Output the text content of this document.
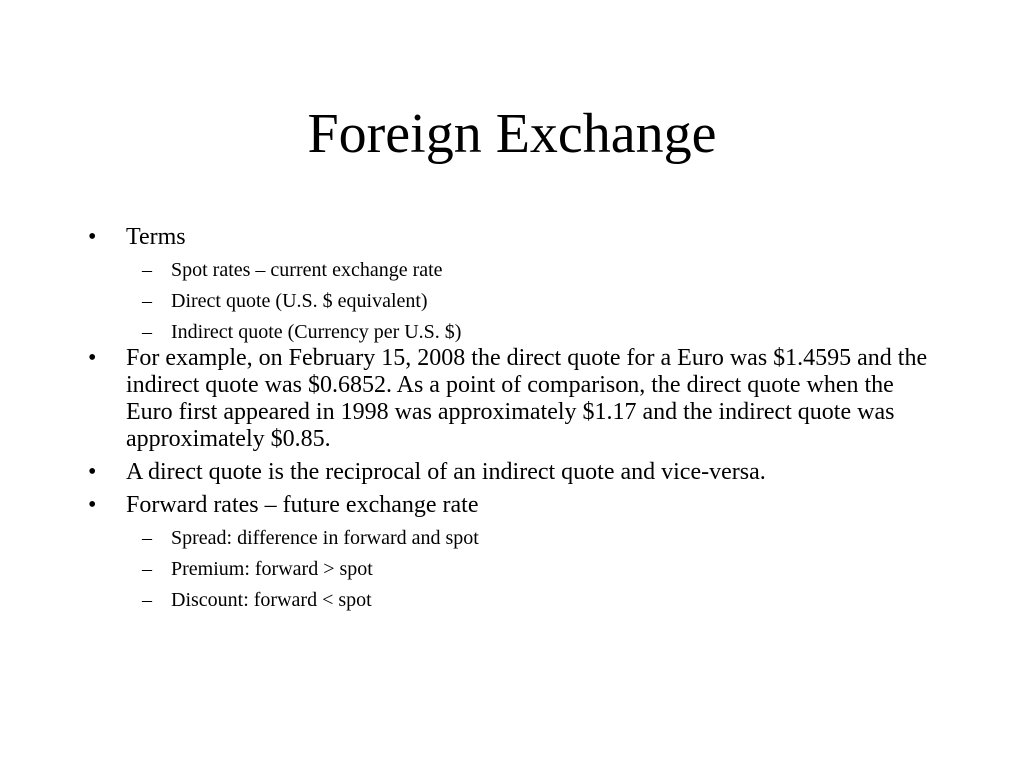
Foreign Exchange
• Terms
– Spot rates – current exchange rate
– Direct quote (U.S. $ equivalent)
– Indirect quote (Currency per U.S. $)
• For example, on February 15, 2008 the direct quote for a Euro was $1.4595 and the indirect quote was $0.6852. As a point of comparison, the direct quote when the Euro first appeared in 1998 was approximately $1.17 and the indirect quote was approximately $0.85.
• A direct quote is the reciprocal of an indirect quote and vice-versa.
• Forward rates – future exchange rate
– Spread: difference in forward and spot
– Premium: forward > spot
– Discount: forward < spot
